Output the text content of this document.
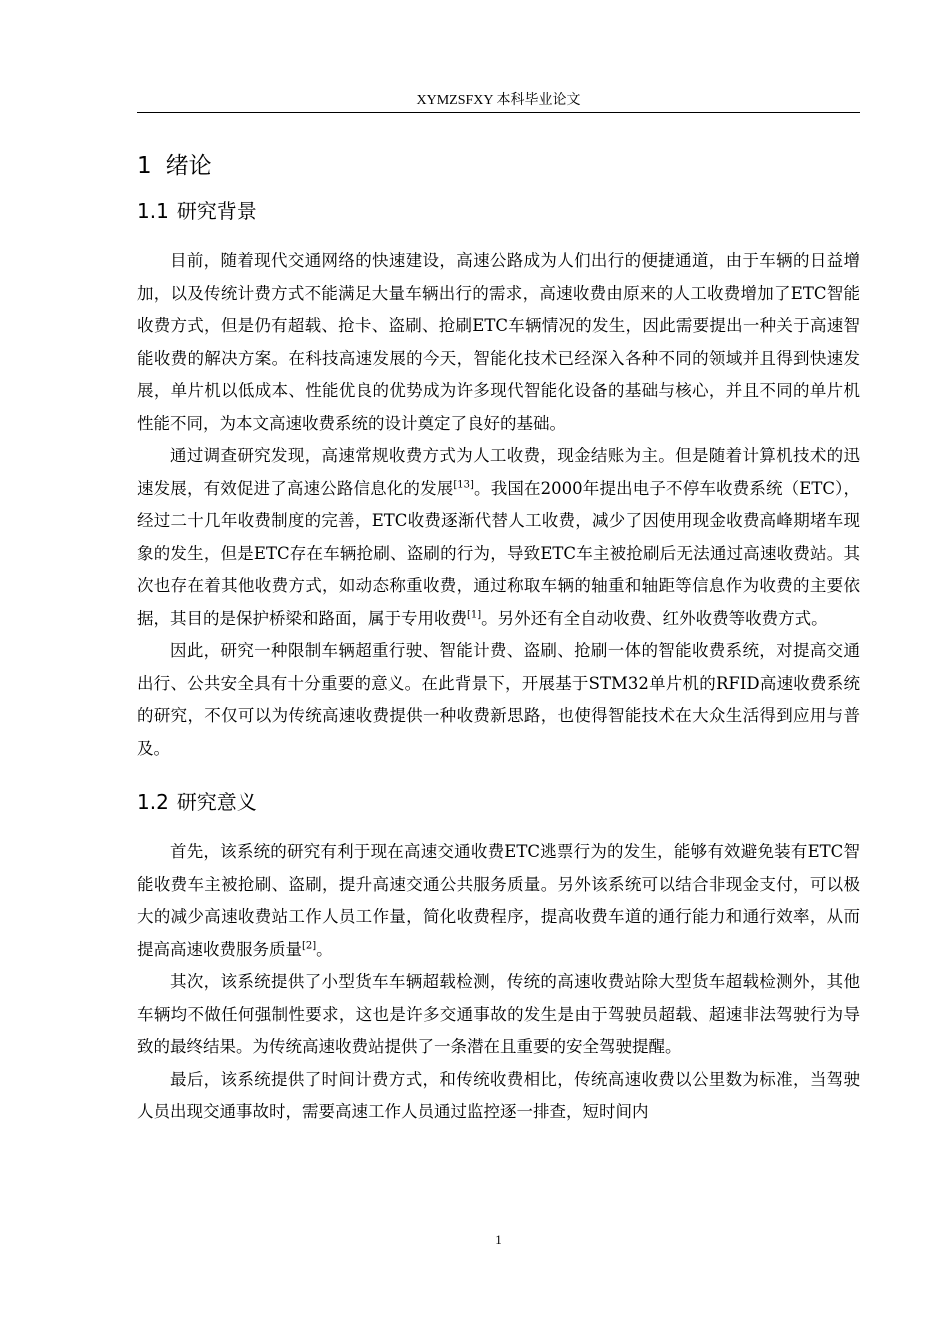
XYMZSFXY 本科毕业论文
1 绪论
1.1 研究背景

目前，随着现代交通网络的快速建设，高速公路成为人们出行的便捷通道，由于车辆的日益增加，以及传统计费方式不能满足大量车辆出行的需求，高速收费由原来的人工收费增加了ETC智能收费方式，但是仍有超载、抢卡、盗刷、抢刷ETC车辆情况的发生，因此需要提出一种关于高速智能收费的解决方案。在科技高速发展的今天，智能化技术已经深入各种不同的领域并且得到快速发展，单片机以低成本、性能优良的优势成为许多现代智能化设备的基础与核心，并且不同的单片机性能不同，为本文高速收费系统的设计奠定了良好的基础。

通过调查研究发现，高速常规收费方式为人工收费，现金结账为主。但是随着计算机技术的迅速发展，有效促进了高速公路信息化的发展[13]。我国在2000年提出电子不停车收费系统（ETC），经过二十几年收费制度的完善，ETC收费逐渐代替人工收费，减少了因使用现金收费高峰期堵车现象的发生，但是ETC存在车辆抢刷、盗刷的行为，导致ETC车主被抢刷后无法通过高速收费站。其次也存在着其他收费方式，如动态称重收费，通过称取车辆的轴重和轴距等信息作为收费的主要依据，其目的是保护桥梁和路面，属于专用收费[1]。另外还有全自动收费、红外收费等收费方式。

因此，研究一种限制车辆超重行驶、智能计费、盗刷、抢刷一体的智能收费系统，对提高交通出行、公共安全具有十分重要的意义。在此背景下，开展基于STM32单片机的RFID高速收费系统的研究，不仅可以为传统高速收费提供一种收费新思路，也使得智能技术在大众生活得到应用与普及。

1.2 研究意义

首先，该系统的研究有利于现在高速交通收费ETC逃票行为的发生，能够有效避免装有ETC智能收费车主被抢刷、盗刷，提升高速交通公共服务质量。另外该系统可以结合非现金支付，可以极大的减少高速收费站工作人员工作量，简化收费程序，提高收费车道的通行能力和通行效率，从而提高高速收费服务质量[2]。

其次，该系统提供了小型货车车辆超载检测，传统的高速收费站除大型货车超载检测外，其他车辆均不做任何强制性要求，这也是许多交通事故的发生是由于驾驶员超载、超速非法驾驶行为导致的最终结果。为传统高速收费站提供了一条潜在且重要的安全驾驶提醒。

最后，该系统提供了时间计费方式，和传统收费相比，传统高速收费以公里数为标准，当驾驶人员出现交通事故时，需要高速工作人员通过监控逐一排查，短时间内

1
